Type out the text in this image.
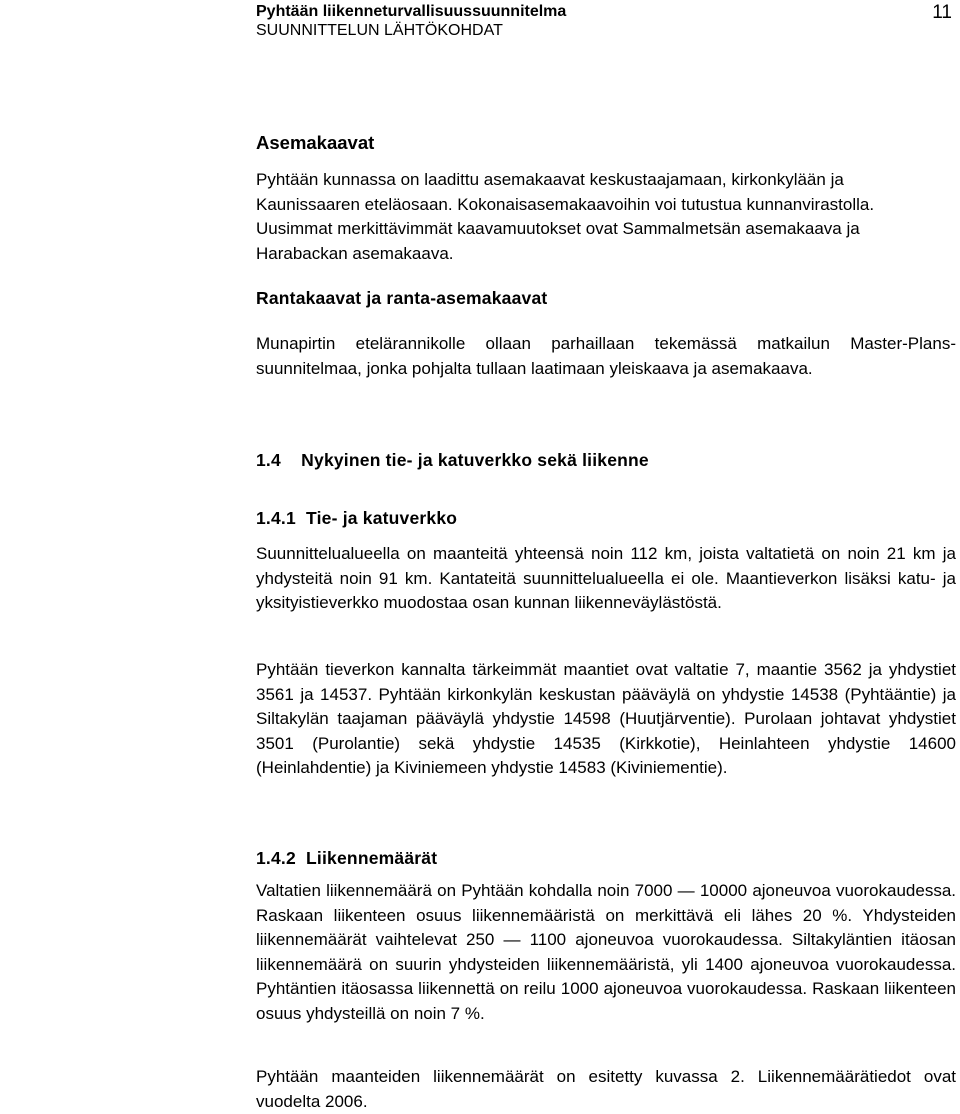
Pyhtään liikenneturvallisuussuunnitelma
SUUNNITTELUN LÄHTÖKOHDAT
11
Asemakaavat

Pyhtään kunnassa on laadittu asemakaavat keskustaajamaan, kirkonkylään ja Kaunissaaren eteläosaan. Kokonaisasemakaavoihin voi tutustua kunnanvirastolla. Uusimmat merkittävimmät kaavamuutokset ovat Sammalmetsän asemakaava ja Harabackan asemakaava.

Rantakaavat ja ranta-asemakaavat

Munapirtin etelärannikolle ollaan parhaillaan tekemässä matkailun Master-Plans-suunnitelmaa, jonka pohjalta tullaan laatimaan yleiskaava ja asemakaava.

1.4    Nykyinen tie- ja katuverkko sekä liikenne
1.4.1  Tie- ja katuverkko

Suunnittelualueella on maanteitä yhteensä noin 112 km, joista valtatietä on noin 21 km ja yhdysteitä noin 91 km. Kantateitä suunnittelualueella ei ole. Maantieverkon lisäksi katu- ja yksityistieverkko muodostaa osan kunnan liikenneväylästöstä.

Pyhtään tieverkon kannalta tärkeimmät maantiet ovat valtatie 7, maantie 3562 ja yhdystiet 3561 ja 14537. Pyhtään kirkonkylän keskustan pääväylä on yhdystie 14538 (Pyhtääntie) ja Siltakylän taajaman pääväylä yhdystie 14598 (Huutjärventie). Purolaan johtavat yhdystiet 3501 (Purolantie) sekä yhdystie 14535 (Kirkkotie), Heinlahteen yhdystie 14600 (Heinlahdentie) ja Kiviniemeen yhdystie 14583 (Kiviniementie).

1.4.2  Liikennemäärät

Valtatien liikennemäärä on Pyhtään kohdalla noin 7000 — 10000 ajoneuvoa vuorokaudessa. Raskaan liikenteen osuus liikennemääristä on merkittävä eli lähes 20 %. Yhdysteiden liikennemäärät vaihtelevat 250 — 1100 ajoneuvoa vuorokaudessa. Siltakyläntien itäosan liikennemäärä on suurin yhdysteiden liikennemääristä, yli 1400 ajoneuvoa vuorokaudessa. Pyhtäntien itäosassa liikennettä on reilu 1000 ajoneuvoa vuorokaudessa. Raskaan liikenteen osuus yhdysteillä on noin 7 %.

Pyhtään maanteiden liikennemäärät on esitetty kuvassa 2. Liikennemäärätiedot ovat vuodelta 2006.
